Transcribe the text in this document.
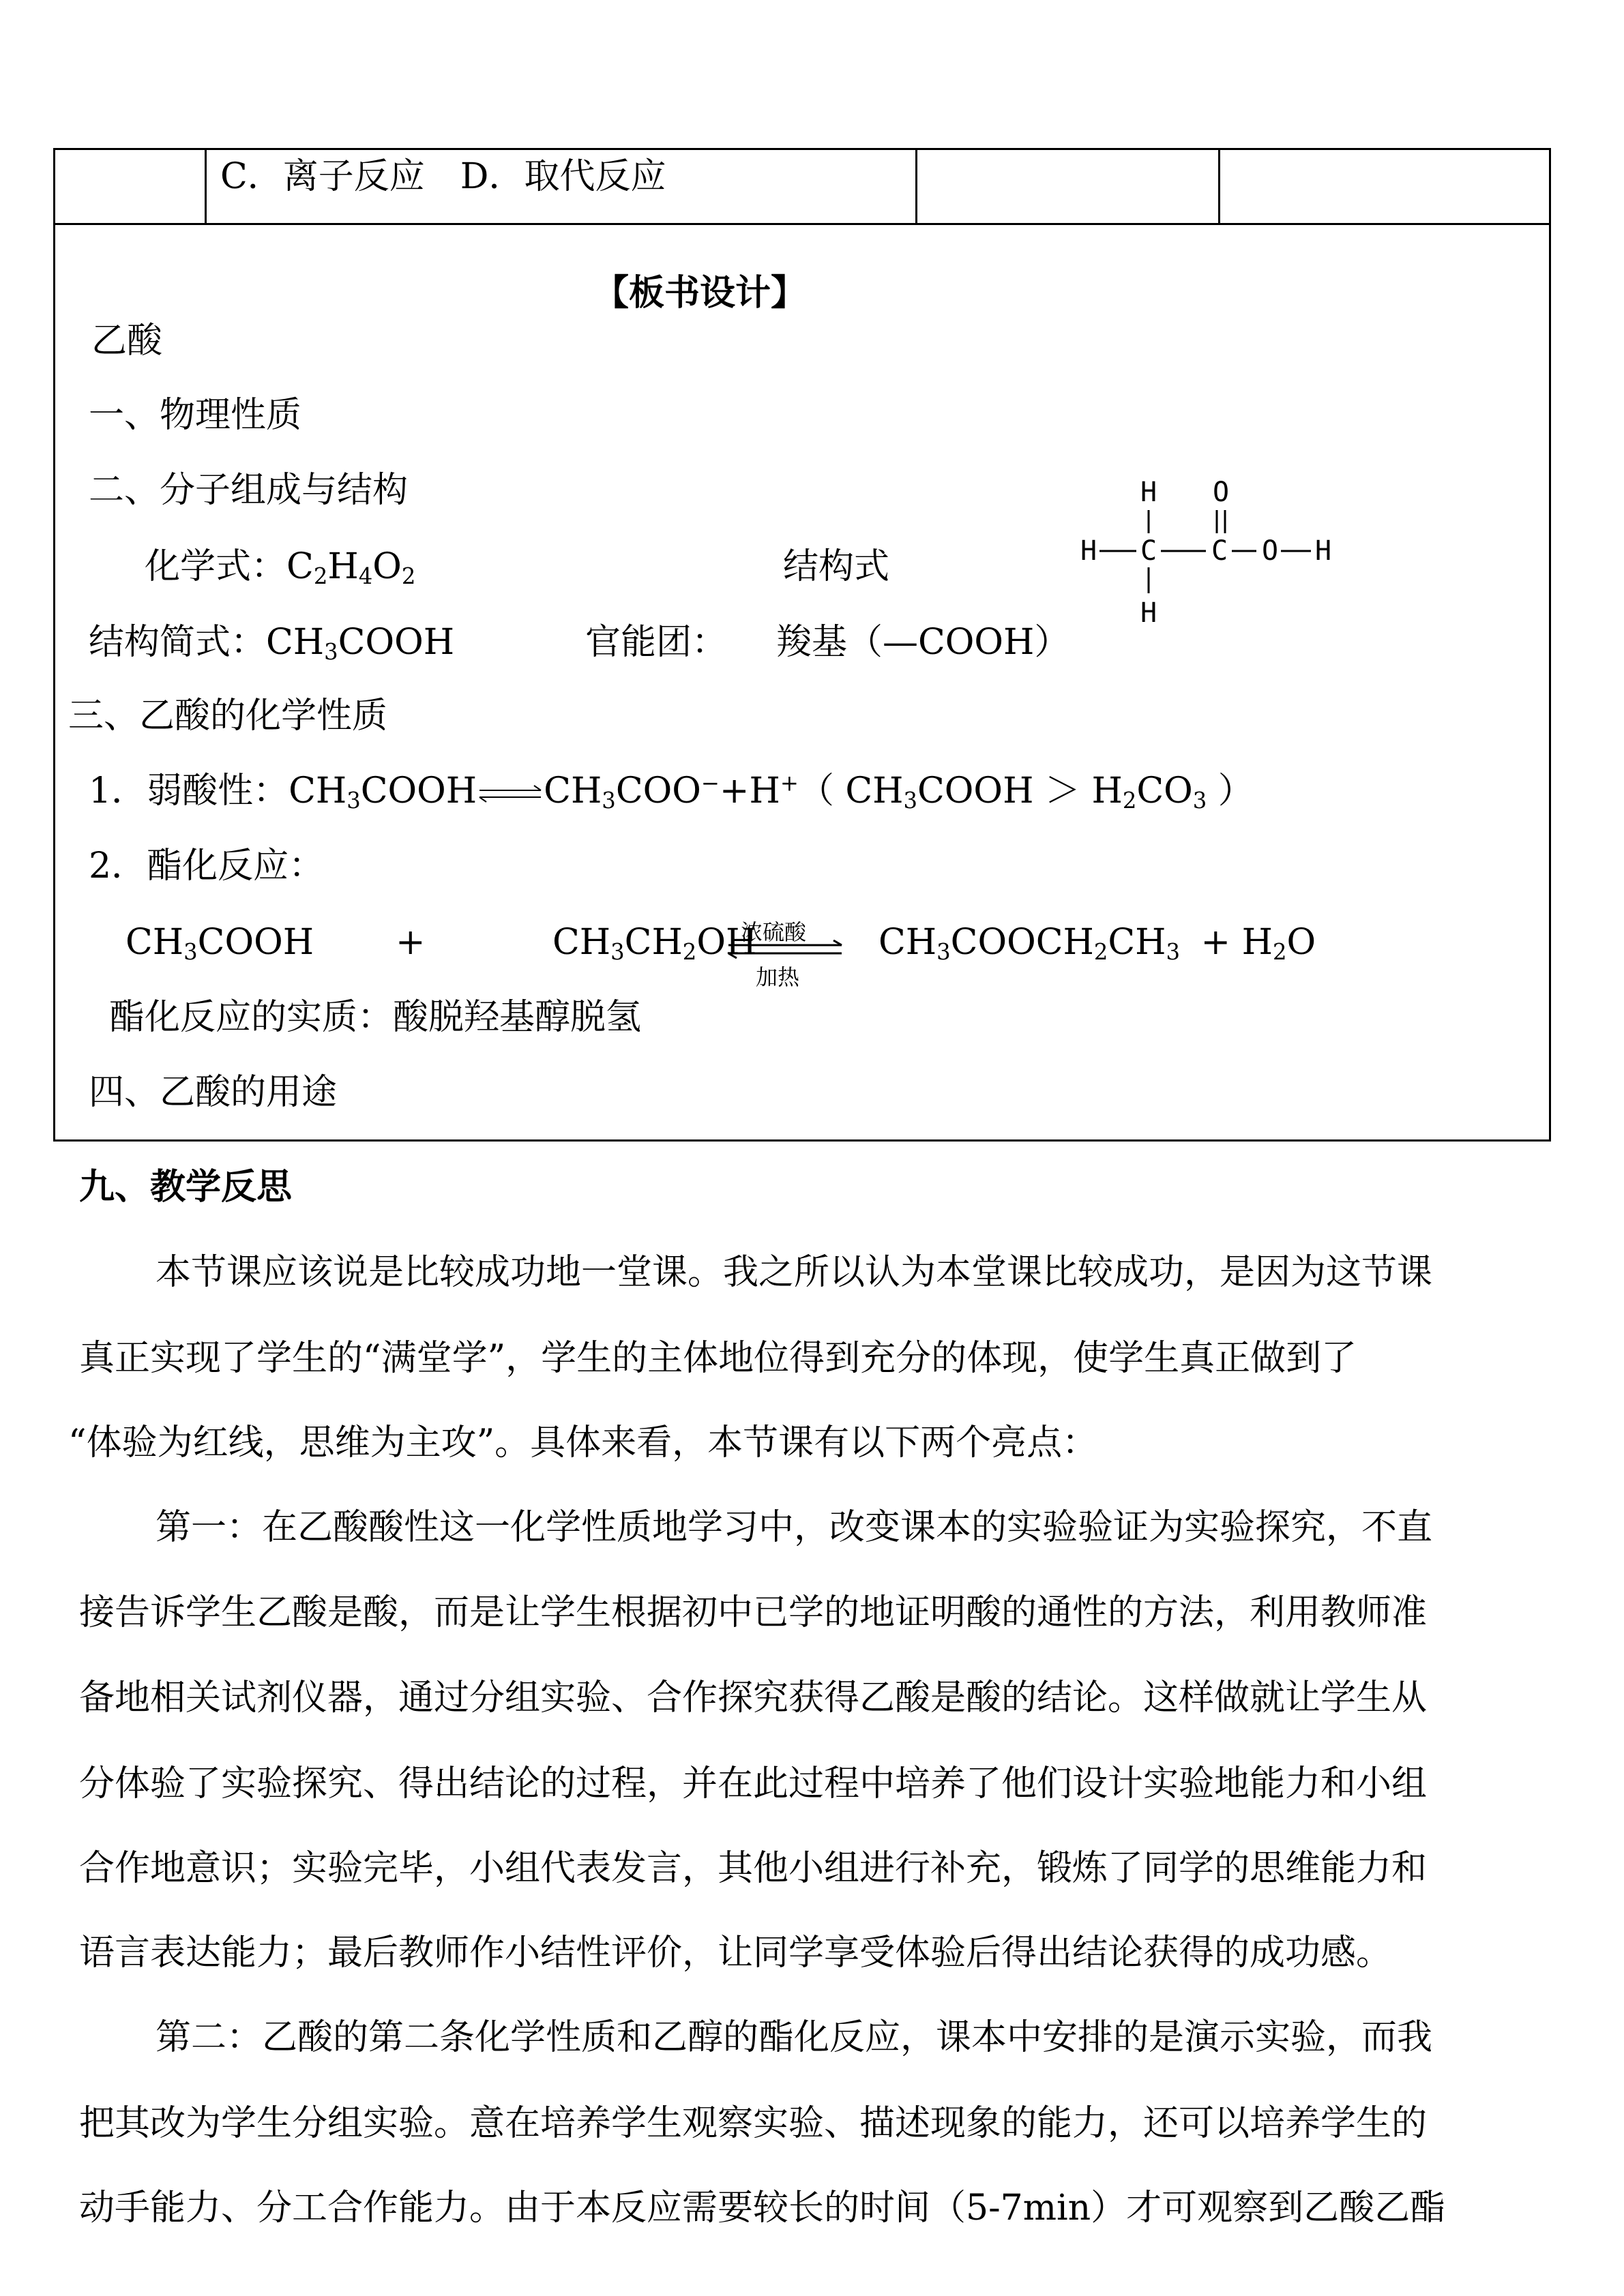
C．离子反应　D．取代反应
【板书设计】
乙酸
一、物理性质
二、分子组成与结构
化学式：$C_2H_4O_2$	结构式
H O
H C C O H
H
结构简式：$CH_3COOH$	官能团： 羧基（—COOH）
三、乙酸的化学性质
1．弱酸性：$CH_3COOH\rightleftharpoons CH_3COO^-+H^+$（ $CH_3COOH > H_2CO_3$ ）
2．酯化反应：
$CH_3COOH$ +	$CH_3CH_2OH$
浓硫酸
加热
$CH_3COOCH_2CH_3 + H_2O$
酯化反应的实质：酸脱羟基醇脱氢
四、乙酸的用途
九、教学反思
本节课应该说是比较成功地一堂课。我之所以认为本堂课比较成功，是因为这节课
真正实现了学生的“满堂学”，学生的主体地位得到充分的体现，使学生真正做到了
“体验为红线，思维为主攻”。具体来看，本节课有以下两个亮点：
第一：在乙酸酸性这一化学性质地学习中，改变课本的实验验证为实验探究，不直
接告诉学生乙酸是酸，而是让学生根据初中已学的地证明酸的通性的方法，利用教师准
备地相关试剂仪器，通过分组实验、合作探究获得乙酸是酸的结论。这样做就让学生从
分体验了实验探究、得出结论的过程，并在此过程中培养了他们设计实验地能力和小组
合作地意识；实验完毕，小组代表发言，其他小组进行补充，锻炼了同学的思维能力和
语言表达能力；最后教师作小结性评价，让同学享受体验后得出结论获得的成功感。
第二：乙酸的第二条化学性质和乙醇的酯化反应，课本中安排的是演示实验，而我
把其改为学生分组实验。意在培养学生观察实验、描述现象的能力，还可以培养学生的
动手能力、分工合作能力。由于本反应需要较长的时间（5-7min）才可观察到乙酸乙酯
